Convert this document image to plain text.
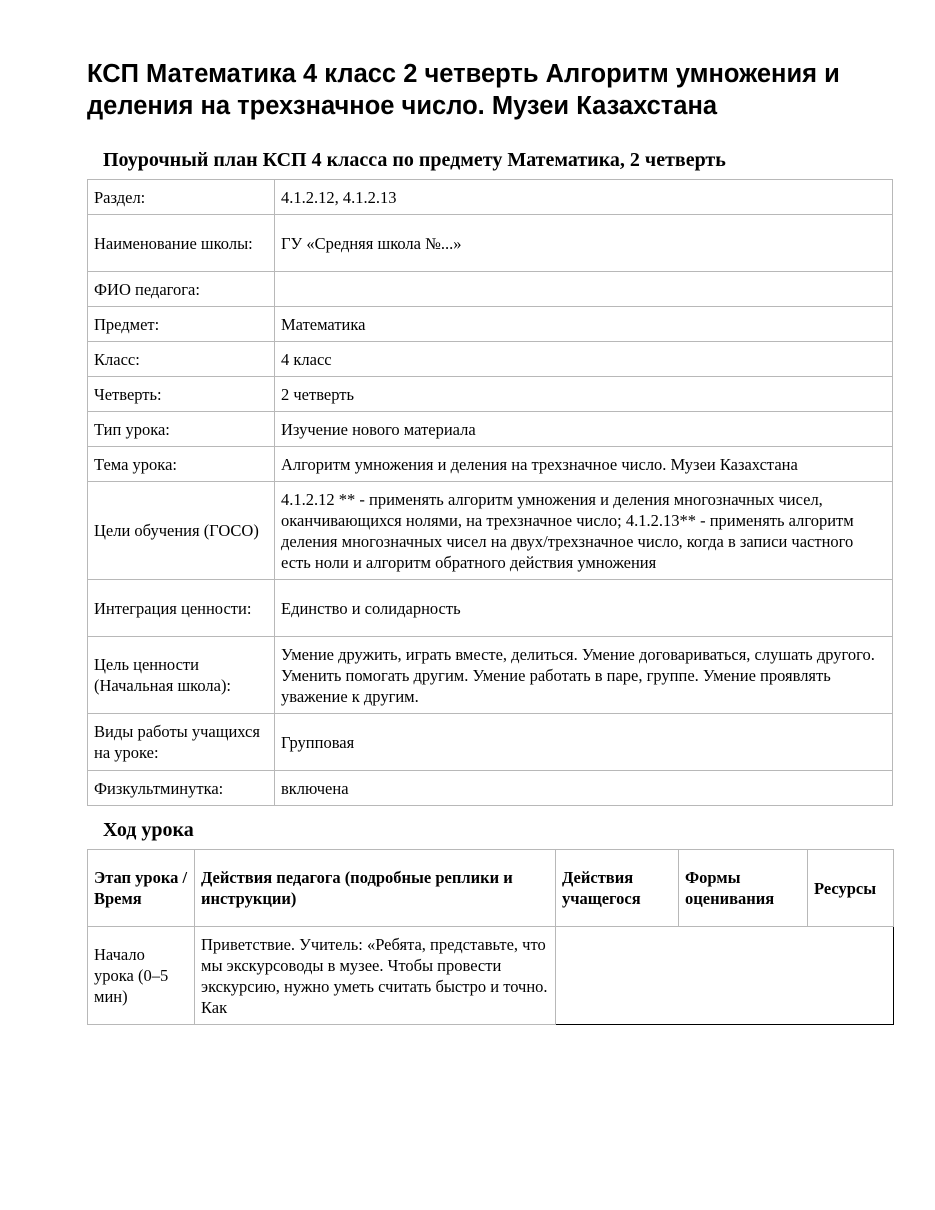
КСП Математика 4 класс 2 четверть Алгоритм умножения и деления на трехзначное число. Музеи Казахстана
Поурочный план КСП 4 класса по предмету Математика, 2 четверть
Раздел:	4.1.2.12, 4.1.2.13
Наименование школы:	ГУ «Средняя школа №...»
ФИО педагога:	
Предмет:	Математика
Класс:	4 класс
Четверть:	2 четверть
Тип урока:	Изучение нового материала
Тема урока:	Алгоритм умножения и деления на трехзначное число. Музеи Казахстана
Цели обучения (ГОСО)	4.1.2.12 ** - применять алгоритм умножения и деления многозначных чисел, оканчивающихся нолями, на трехзначное число; 4.1.2.13** - применять алгоритм деления многозначных чисел на двух/трехзначное число, когда в записи частного есть ноли и алгоритм обратного действия умножения
Интеграция ценности:	Единство и солидарность
Цель ценности (Начальная школа):	Умение дружить, играть вместе, делиться. Умение договариваться, слушать другого. Уменить помогать другим. Умение работать в паре, группе. Умение проявлять уважение к другим.
Виды работы учащихся на уроке:	Групповая
Физкультминутка:	включена
Ход урока
Этап урока / Время	Действия педагога (подробные реплики и инструкции)	Действия учащегося	Формы оценивания	Ресурсы
Начало урока (0–5 мин)	Приветствие. Учитель: «Ребята, представьте, что мы экскурсоводы в музее. Чтобы провести экскурсию, нужно уметь считать быстро и точно. Как			
